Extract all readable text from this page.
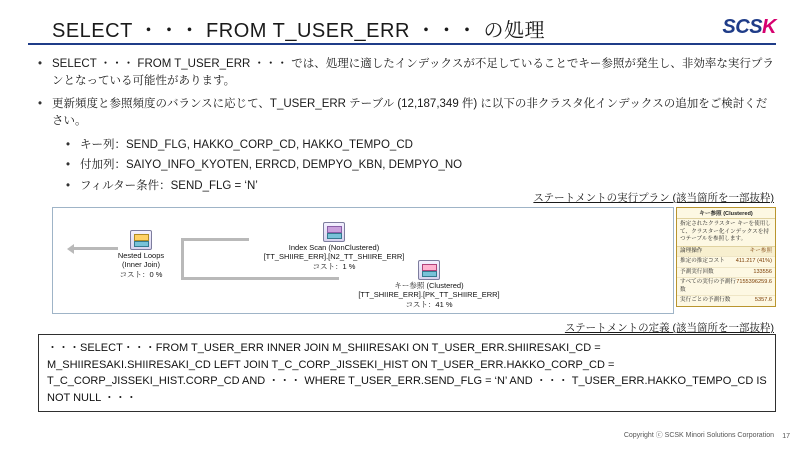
SELECT ・・・ FROM T_USER_ERR ・・・ の処理	SCSK
• SELECT ・・・ FROM T_USER_ERR ・・・ では、処理に適したインデックスが不足していることでキー参照が発生し、非効率な実行プランとなっている可能性があります。
• 更新頻度と参照頻度のバランスに応じて、T_USER_ERR テーブル (12,187,349 件) に以下の非クラスタ化インデックスの追加をご検討ください。
• キー列：SEND_FLG, HAKKO_CORP_CD, HAKKO_TEMPO_CD
• 付加列：SAIYO_INFO_KYOTEN, ERRCD, DEMPYO_KBN, DEMPYO_NO
• フィルター条件：SEND_FLG = ‘N’
ステートメントの実行プラン (該当箇所を一部抜粋)
Nested Loops
(Inner Join)
コスト：0 %
Index Scan (NonClustered)
[TT_SHIIRE_ERR].[N2_TT_SHIIRE_ERR]
コスト：1 %
キー参照 (Clustered)
[TT_SHIIRE_ERR].[PK_TT_SHIIRE_ERR]
コスト：41 %
キー参照 (Clustered)
指定されたクラスター キーを使用して、クラスター化インデックスを持つテーブルを参照します。
論理操作	キー参照
推定の推定コスト 411.217 (41%)
予測実行回数	133556
すべての実行の予測行数
7155396259.6
実行ごとの予測行数	5357.6
ステートメントの定義 (該当箇所を一部抜粋)
・・・SELECT・・・FROM T_USER_ERR INNER JOIN M_SHIIRESAKI ON T_USER_ERR.SHIIRESAKI_CD = M_SHIIRESAKI.SHIIRESAKI_CD LEFT JOIN T_C_CORP_JISSEKI_HIST ON T_USER_ERR.HAKKO_CORP_CD = T_C_CORP_JISSEKI_HIST.CORP_CD AND ・・・ WHERE T_USER_ERR.SEND_FLG = ‘N’ AND ・・・ T_USER_ERR.HAKKO_TEMPO_CD IS NOT NULL ・・・
Copyright ⓒ SCSK Minori Solutions Corporation 17
